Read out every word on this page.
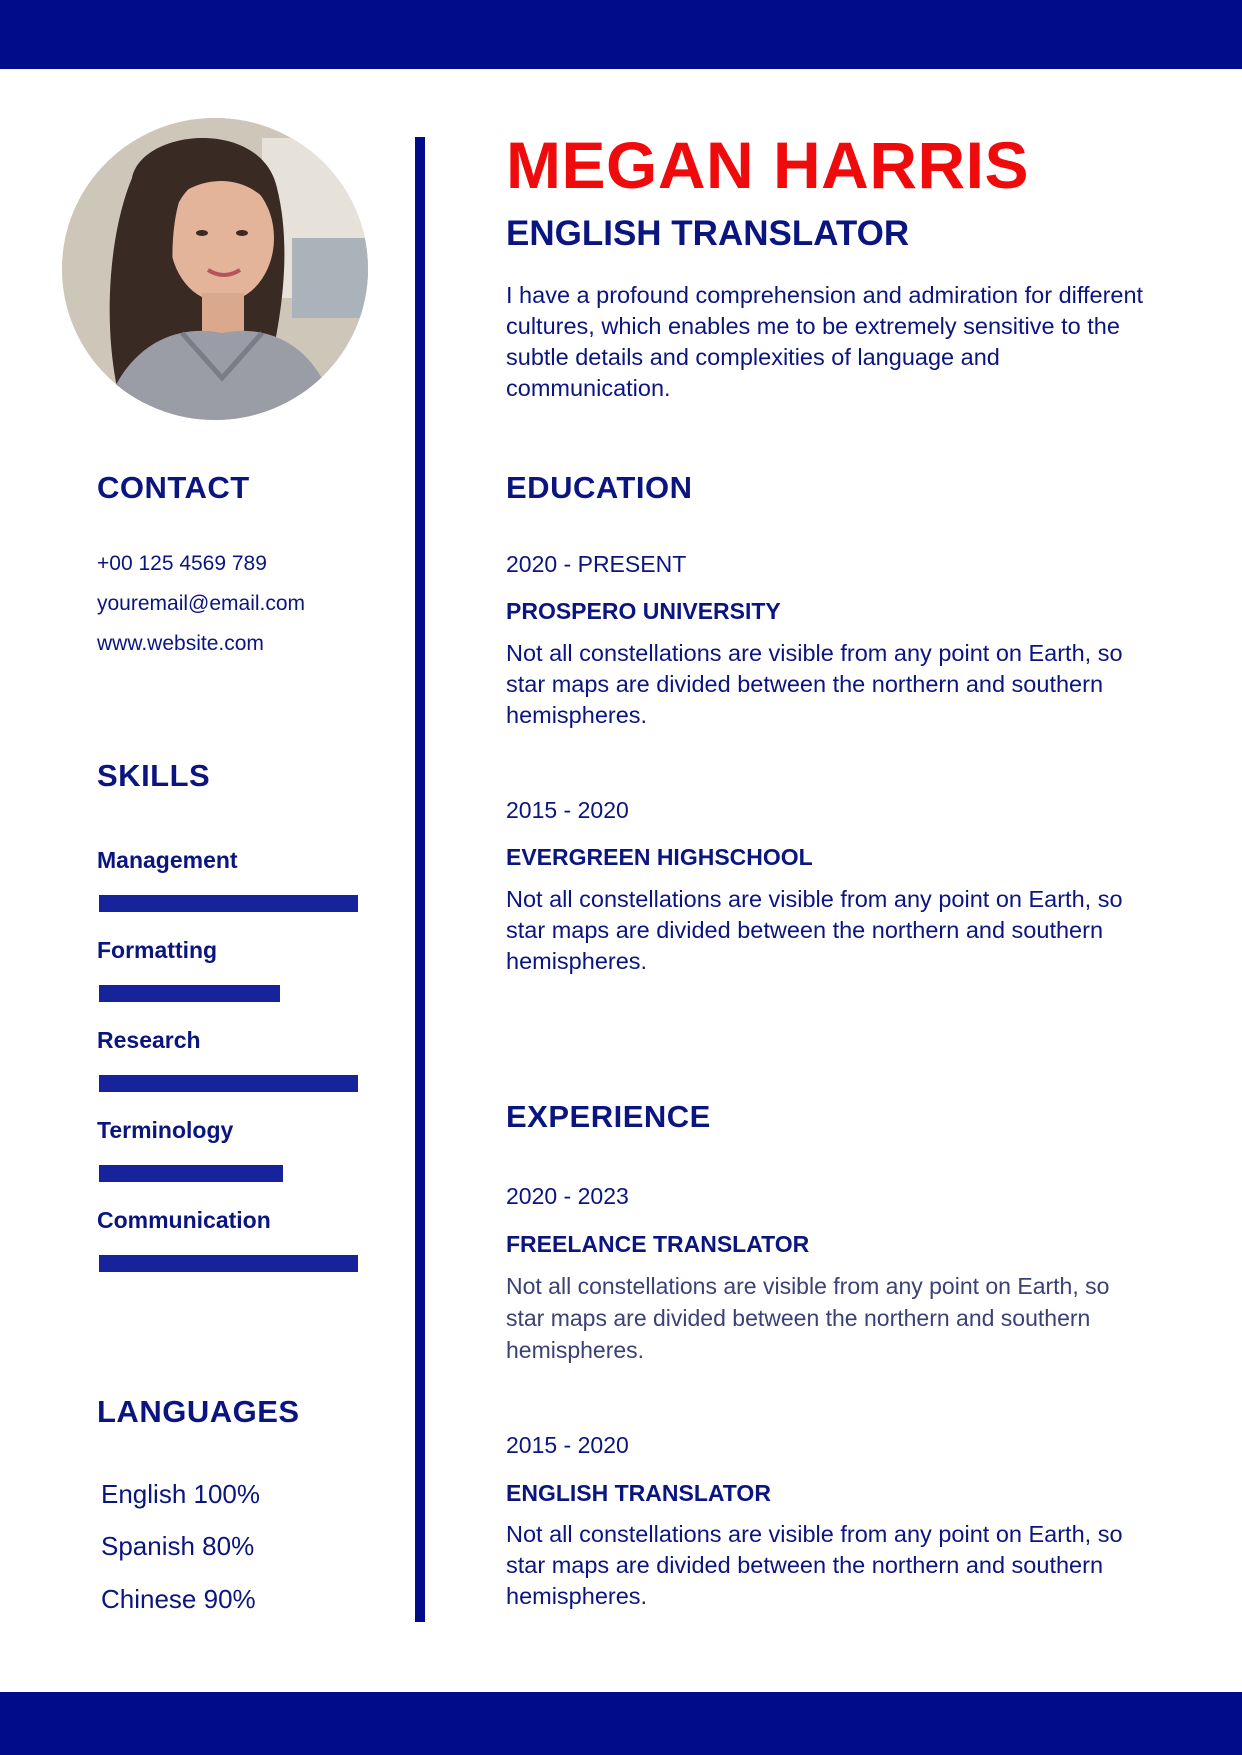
CONTACT
+00 125 4569 789
youremail@email.com
www.website.com
SKILLS
Management
Formatting
Research
Terminology
Communication
LANGUAGES
English 100%
Spanish 80%
Chinese 90%
MEGAN HARRIS
ENGLISH TRANSLATOR

I have a profound comprehension and admiration for different cultures, which enables me to be extremely sensitive to the subtle details and complexities of language and communication.

EDUCATION
2020 - PRESENT
PROSPERO UNIVERSITY

Not all constellations are visible from any point on Earth, so star maps are divided between the northern and southern hemispheres.

2015 - 2020
EVERGREEN HIGHSCHOOL

Not all constellations are visible from any point on Earth, so star maps are divided between the northern and southern hemispheres.

EXPERIENCE
2020 - 2023
FREELANCE TRANSLATOR

Not all constellations are visible from any point on Earth, so star maps are divided between the northern and southern hemispheres.

2015 - 2020
ENGLISH TRANSLATOR

Not all constellations are visible from any point on Earth, so star maps are divided between the northern and southern hemispheres.
